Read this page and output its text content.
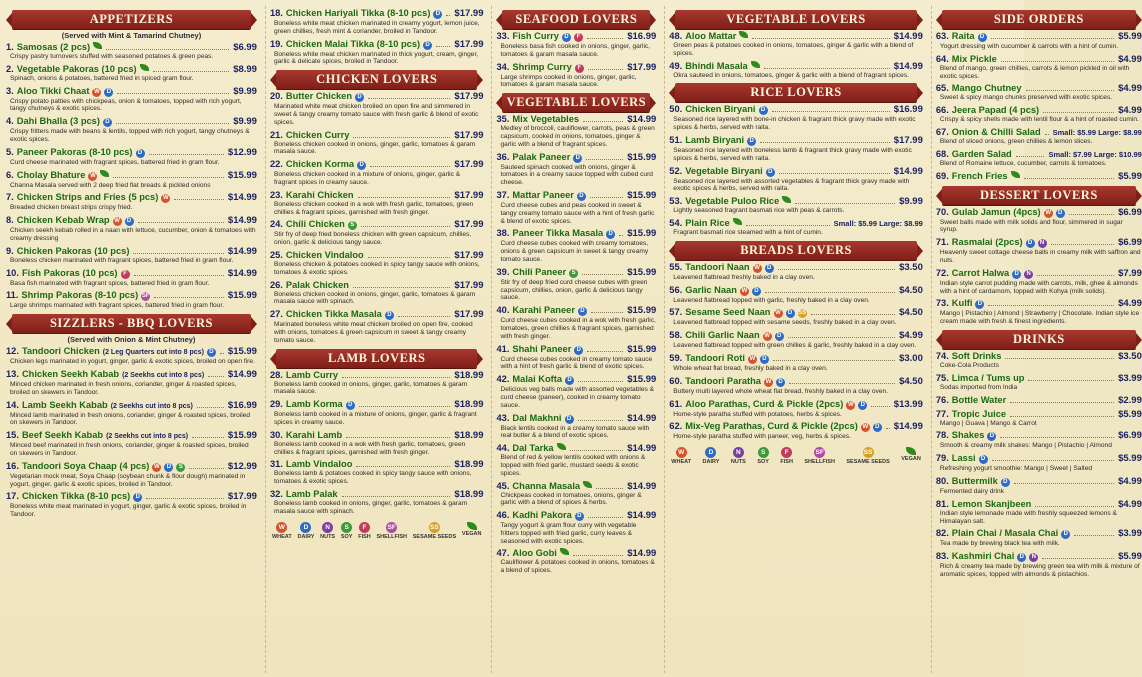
APPETIZERS
(Served with Mint & Tamarind Chutney)
1. Samosas (2 pcs)	$6.99
Crispy pastry turnovers stuffed with seasoned potatoes & green peas.
2. Vegetable Pakoras (10 pcs)	$8.99
Spinach, onions & potatoes, battered fried in spiced gram flour.
3. Aloo Tikki Chaat W	D	$9.99
Crispy potato patties with chickpeas, onion & tomatoes, topped with rich yogurt, tangy chutneys & exotic spices.
4. Dahi Bhalla (3 pcs) D	$9.99
Crispy fritters made with beans & lentils, topped with rich yogurt, tangy chutneys & exotic spices.
5. Paneer Pakoras (8-10 pcs) D	$12.99
Curd cheese marinated with fragrant spices, battered fried in gram flour.
6. Cholay Bhature W	$15.99
Channa Masala served with 2 deep fried flat breads & pickled onions
7. Chicken Strips and Fries (5 pcs) W	$14.99
Breaded chicken breast strips crispy fried.
8. Chicken Kebab Wrap W	D	$14.99
Chicken seekh kebab rolled in a naan with lettuce, cucumber, onion & tomatoes with creamy dressing
9. Chicken Pakoras (10 pcs)	$14.99
Boneless chicken marinated with fragrant spices, battered fried in gram flour.
10. Fish Pakoras (10 pcs) F	$14.99
Basa fish marinated with fragrant spices, battered fried in gram flour.
11. Shrimp Pakoras (8-10 pcs) SF	$15.99
Large shrimps marinated with fragrant spices, battered fried in gram flour.
SIZZLERS - BBQ LOVERS
(Served with Onion & Mint Chutney)
12. Tandoori Chicken (2 Leg Quarters cut into 8 pcs) D $15.99
Chicken legs marinated in yogurt, ginger, garlic & exotic spices, broiled on open fire.
13. Chicken Seekh Kabab (2 Seekhs cut into 8 pcs) $14.99
Minced chicken marinated in fresh onions, coriander, ginger & roasted spices, broiled on skewers in Tandoor.
14. Lamb Seekh Kabab (2 Seekhs cut into 8 pcs)	$16.99
Minced lamb marinated in fresh onions, coriander, ginger & roasted spices, broiled on skewers in Tandoor.
15. Beef Seekh Kabab (2 Seekhs cut into 8 pcs)	$15.99
Minced beef marinated in fresh onions, coriander, ginger & roasted spices, broiled on skewers in Tandoor.
16. Tandoori Soya Chaap (4 pcs) W	D	S	$12.99
Vegetarian mock meat, Soya Chaap (soybean chunk & flour dough) marinated in yogurt, ginger, garlic & exotic spices, broiled in Tandoor.
17. Chicken Tikka (8-10 pcs) D	$17.99
Boneless white meat marinated in yogurt, ginger, garlic & exotic spices, broiled in Tandoor.
18. Chicken Hariyali Tikka (8-10 pcs) D $17.99
Boneless white meat chicken marinated in creamy yogurt, lemon juice, green chillies, fresh mint & coriander, broiled in Tandoor.
19. Chicken Malai Tikka (8-10 pcs) D	$17.99
Boneless white meat chicken marinated in thick yogurt, cream, ginger, garlic & delicate spices, broiled in Tandoor.
CHICKEN LOVERS
20. Butter Chicken D	$17.99
Marinated white meat chicken broiled on open fire and simmered in sweet & tangy creamy tomato sauce with fresh garlic & blend of exotic spices.
21. Chicken Curry	$17.99
Boneless chicken cooked in onions, ginger, garlic, tomatoes & garam masala sauce.
22. Chicken Korma D	$17.99
Boneless chicken cooked in a mixture of onions, ginger, garlic & fragrant spices in creamy sauce.
23. Karahi Chicken	$17.99
Boneless chicken cooked in a wok with fresh garlic, tomatoes, green chillies & fragrant spices, garnished with fresh ginger.
24. Chili Chicken S	$17.99
Stir fry of deep fried boneless chicken with green capsicum, chillies, onion, garlic & delicious tangy sauce.
25. Chicken Vindaloo	$17.99
Boneless chicken & potatoes cooked in spicy tangy sauce with onions, tomatoes & exotic spices.
26. Palak Chicken	$17.99
Boneless chicken cooked in onions, ginger, garlic, tomatoes & garam masala sauce with spinach.
27. Chicken Tikka Masala D	$17.99
Marinated boneless white meat chicken broiled on open fire, cooked with onions, tomatoes & green capsicum in sweet & tangy creamy tomato sauce.
LAMB LOVERS
28. Lamb Curry	$18.99
Boneless lamb cooked in onions, ginger, garlic, tomatoes & garam masala sauce.
29. Lamb Korma D	$18.99
Boneless lamb cooked in a mixture of onions, ginger, garlic & fragrant spices in creamy sauce.
30. Karahi Lamb	$18.99
Boneless lamb cooked in a wok with fresh garlic, tomatoes, green chillies & fragrant spices, garnished with fresh ginger.
31. Lamb Vindaloo	$18.99
Boneless lamb & potatoes cooked in spicy tangy sauce with onions, tomatoes & exotic spices.
32. Lamb Palak	$18.99
Boneless lamb cooked in onions, ginger, garlic, tomatoes & garam masala sauce with spinach.
W
WHEAT
D
DAIRY
N
NUTS
S
SOY
F
FISH
SF
SHELLFISH
SS
SESAME SEEDS VEGAN
SEAFOOD LOVERS
33. Fish Curry D	F	$16.99
Boneless basa fish cooked in onions, ginger, garlic, tomatoes & garam masala sauce.
34. Shrimp Curry F	$17.99
Large shrimps cooked in onions, ginger, garlic, tomatoes & garam masala sauce.
VEGETABLE LOVERS
35. Mix Vegetables	$14.99
Medley of broccoli, cauliflower, carrots, peas & green capsicum, cooked in onions, tomatoes, ginger & garlic with a blend of fragrant spices.
36. Palak Paneer D	$15.99
Sauteed spinach cooked with onions, ginger & tomatoes in a creamy sauce topped with cubed curd cheese.
37. Mattar Paneer D	$15.99
Curd cheese cubes and peas cooked in sweet & tangy creamy tomato sauce with a hint of fresh garlic & blend of exotic spices.
38. Paneer Tikka Masala D $15.99
Curd cheese cubes cooked with creamy tomatoes, onions & green capsicum in sweet & tangy creamy tomato sauce.
39. Chili Paneer S	$15.99
Stir fry of deep fried curd cheese cubes with green capsicum, chillies, onion, garlic & delicious tangy sauce.
40. Karahi Paneer D	$15.99
Curd cheese cubes cooked in a wok with fresh garlic, tomatoes, green chillies & fragrant spices, garnished with fresh ginger.
41. Shahi Paneer D	$15.99
Curd cheese cubes cooked in creamy tomato sauce with a hint of fresh garlic & blend of exotic spices.
42. Malai Kofta D	$15.99
Delicious veg balls made with assorted vegetables & curd cheese (paneer), cooked in creamy tomato sauce.
43. Dal Makhni D	$14.99
Black lentils cooked in a creamy tomato sauce with real butter & a blend of exotic spices.
44. Dal Tarka	$14.99
Blend of red & yellow lentils cooked with onions & topped with fried garlic, mustard seeds & exotic spices.
45. Channa Masala	$14.99
Chickpeas cooked in tomatoes, onions, ginger & garlic with a blend of spices & herbs.
46. Kadhi Pakora D	$14.99
Tangy yogurt & gram flour curry with vegetable fritters topped with fried garlic, curry leaves & seasoned with exotic spices.
47. Aloo Gobi	$14.99
Cauliflower & potatoes cooked in onions, tomatoes & a blend of spices.
VEGETABLE LOVERS
48. Aloo Mattar	$14.99
Green peas & potatoes cooked in onions, tomatoes, ginger & garlic with a blend of spices.
49. Bhindi Masala	$14.99
Okra sauteed in onions, tomatoes, ginger & garlic with a blend of fragrant spices.
RICE LOVERS
50. Chicken Biryani D	$16.99
Seasoned rice layered with bone-in chicken & fragrant thick gravy made with exotic spices & herbs, served with raita.
51. Lamb Biryani D	$17.99
Seasoned rice layered with boneless lamb & fragrant thick gravy made with exotic spices & herbs, served with raita.
52. Vegetable Biryani D	$14.99
Seasoned rice layered with assorted vegetables & fragrant thick gravy made with exotic spices & herbs, served with raita.
53. Vegetable Puloo Rice	$9.99
Lightly seasoned fragrant basmati rice with peas & carrots.
54. Plain Rice	Small: $5.99 Large: $8.99
Fragrant basmati rice steamed with a hint of cumin.
BREADS LOVERS
55. Tandoori Naan W	D	$3.50
Leavened flatbread freshly baked in a clay oven.
56. Garlic Naan W	D	$4.50
Leavened flatbread topped with garlic, freshly baked in a clay oven.
57. Sesame Seed Naan W	D SS	$4.50
Leavened flatbread topped with sesame seeds, freshly baked in a clay oven.
58. Chili Garlic Naan W	D	$4.99
Leavened flatbread topped with green chillies & garlic, freshly baked in a clay oven.
59. Tandoori Roti W	D	$3.00
Whole wheat flat bread, freshly baked in a clay oven.
60. Tandoori Paratha W	D	$4.50
Buttery multi layered whole wheat flat bread, freshly baked in a clay oven.
61. Aloo Parathas, Curd & Pickle (2pcs) W	D	$13.99
Home-style paratha stuffed with potatoes, herbs & spices.
62. Mix-Veg Parathas, Curd & Pickle (2pcs) W	D $14.99
Home-style paratha stuffed with paneer, veg, herbs & spices.
W
WHEAT
D
DAIRY
N
NUTS
S
SOY
F
FISH
SF
SHELLFISH
SS
SESAME SEEDS VEGAN
SIDE ORDERS
63. Raita D	$5.99
Yogurt dressing with cucumber & carrots with a hint of cumin.
64. Mix Pickle	$4.99
Blend of mango, green chillies, carrots & lemon pickled in oil with exotic spices.
65. Mango Chutney	$4.99
Sweet & spicy mango chunks preserved with exotic spices.
66. Jeera Papad (4 pcs)	$4.99
Crispy & spicy shells made with lentil flour & a hint of roasted cumin.
67. Onion & Chilli Salad Small: $5.99 Large: $8.99
Blend of sliced onions, green chillies & lemon slices.
68. Garden Salad	Small: $7.99 Large: $10.99
Blend of Romaine lettuce, cucumber, carrots & tomatoes.
69. French Fries	$5.99
DESSERT LOVERS
70. Gulab Jamun (4pcs) W	D	$6.99
Sweet balls made with milk solids and flour, simmered in sugar syrup.
71. Rasmalai (2pcs) D	N	$6.99
Heavenly sweet cottage cheese balls in creamy milk with saffron and nuts.
72. Carrot Halwa D	N	$7.99
Indian style carrot pudding made with carrots, milk, ghee & almonds with a hint of cardamom, topped with Kohya (milk solids).
73. Kulfi D	$4.99
Mango | Pistachio | Almond | Strawberry | Chocolate. Indian style ice cream made with fresh & finest ingredients.
DRINKS
74. Soft Drinks	$3.50
Coke-Cola Products
75. Limca / Tums up	$3.99
Sodas imported from India
76. Bottle Water	$2.99
77. Tropic Juice	$5.99
Mango | Guava | Mango & Carrot
78. Shakes D	$6.99
Smooth & creamy milk shakes: Mango | Pistachio | Almond
79. Lassi D	$5.99
Refreshing yogurt smoothie: Mango | Sweet | Salted
80. Buttermilk D	$4.99
Fermented dairy drink
81. Lemon Skanjbeen	$4.99
Indian style lemonade made with freshly squeezed lemons & Himalayan salt.
82. Plain Chai / Masala Chai D	$3.99
Tea made by brewing black tea with milk.
83. Kashmiri Chai D	N	$5.99
Rich & creamy tea made by brewing green tea with milk & mixture of aromatic spices, topped with almonds & pistachios.
